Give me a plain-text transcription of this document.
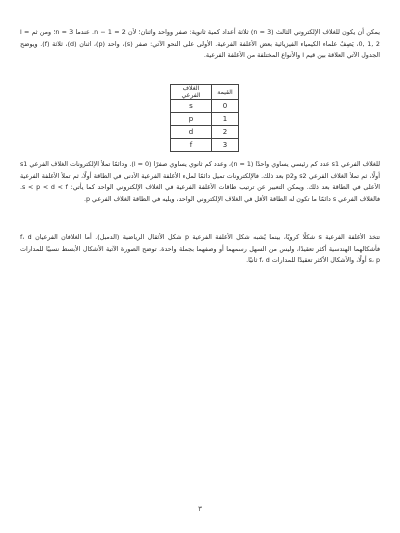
يمكن أن يكون للغلاف الإلكتروني الثالث (n = 3) ثلاثة أعداد كمية ثانوية: صفر وواحد واثنان؛ لأن n − 1 = 2. عندما n = 3؛ ومن ثم l = 0, 1, 2، يَصِفُ علماء الكيمياء الفيزيائية بعض الأغلفة الفرعية. الأولى على النحو الآتي: صفر (s)، واحد (p)، اثنان (d)، ثلاثة (f). ويوضح الجدول الآتي العلاقة بين قيم l والأنواع المختلفة من الأغلفة الفرعية.

القيمة	الغلاف الفرعي
0	s
1	p
2	d
3	f

للغلاف الفرعي s1 عدد كم رئيسي يساوي واحدًا (n = 1)، وعدد كم ثانوي يساوي صفرًا (l = 0). ودائمًا تملأ الإلكترونات الغلاف الفرعي s1 أولًا، ثم تملأ الغلاف الفرعي s2 وp2 بعد ذلك. فالإلكترونات تميل دائمًا لملء الأغلفة الفرعية الأدنى في الطاقة أولًا، ثم تملأ الأغلفة الفرعية الأعلى في الطاقة بعد ذلك. ويمكن التعبير عن ترتيب طاقات الأغلفة الفرعية في الغلاف الإلكتروني الواحد كما يأتي: s < p < d < f. فالغلاف الفرعي s دائمًا ما تكون له الطاقة الأقل في الغلاف الإلكتروني الواحد، ويليه في الطاقة الغلاف الفرعي p.

تتخذ الأغلفة الفرعية s شكلًا كرويًا، بينما يُشبه شكل الأغلفة الفرعية p شكل الأثقال الرياضية (الدمبل). أما الغلافان الفرعيان f، d فأشكالهما الهندسية أكثر تعقيدًا، وليس من السهل رسمهما أو وصفهما بجملة واحدة. توضح الصورة الآتية الأشكال الأبسط نسبيًا للمدارات s، p أولًا، والأشكال الأكثر تعقيدًا للمدارات f، d ثانيًا.

٣
